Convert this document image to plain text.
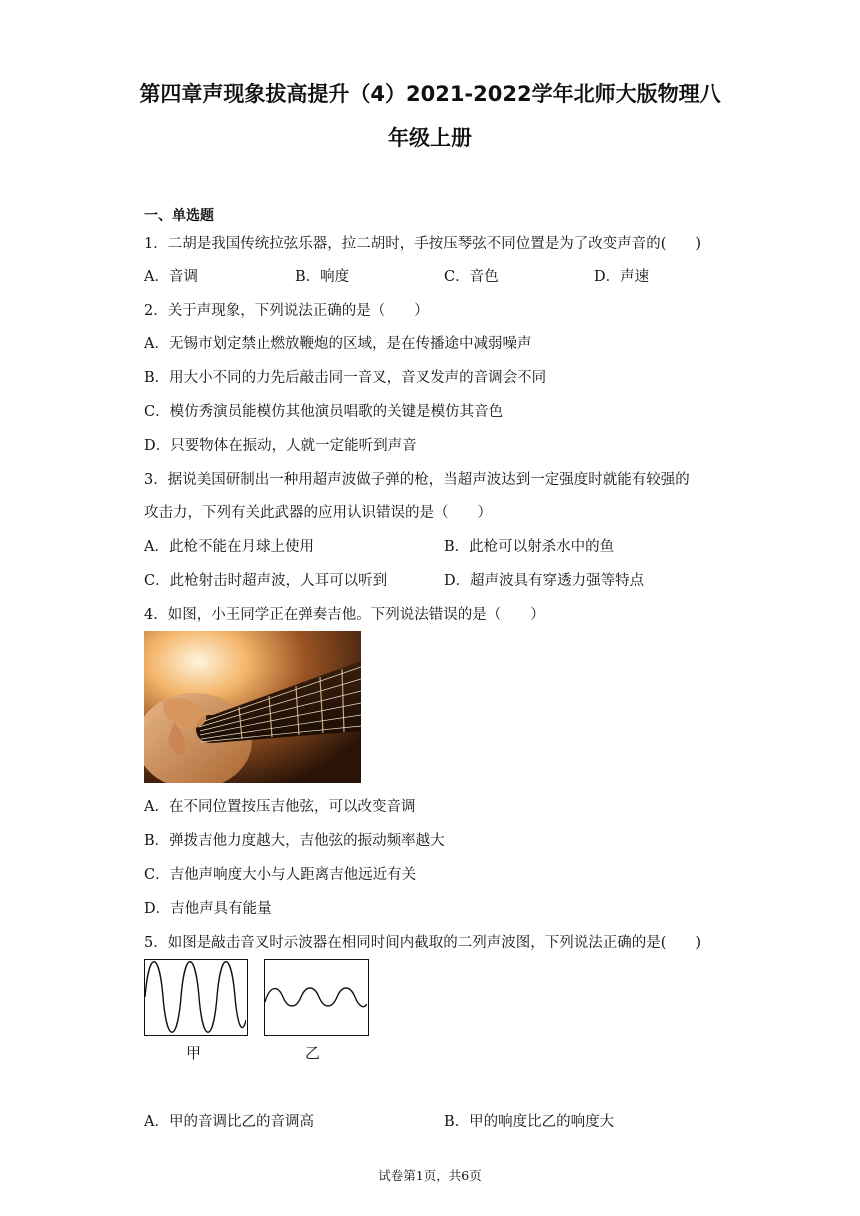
第四章声现象拔高提升（4）2021-2022学年北师大版物理八
年级上册
一、单选题
1．二胡是我国传统拉弦乐器，拉二胡时，手按压琴弦不同位置是为了改变声音的(　　)
A．音调	B．响度	C．音色	D．声速
2．关于声现象，下列说法正确的是（　　）
A．无锡市划定禁止燃放鞭炮的区域，是在传播途中减弱噪声
B．用大小不同的力先后敲击同一音叉，音叉发声的音调会不同
C．模仿秀演员能模仿其他演员唱歌的关键是模仿其音色
D．只要物体在振动，人就一定能听到声音
3．据说美国研制出一种用超声波做子弹的枪，当超声波达到一定强度时就能有较强的
攻击力，下列有关此武器的应用认识错误的是（　　）
A．此枪不能在月球上使用	B．此枪可以射杀水中的鱼
C．此枪射击时超声波，人耳可以听到	D．超声波具有穿透力强等特点
4．如图，小王同学正在弹奏吉他。下列说法错误的是（　　）
A．在不同位置按压吉他弦，可以改变音调
B．弹拨吉他力度越大，吉他弦的振动频率越大
C．吉他声响度大小与人距离吉他远近有关
D．吉他声具有能量
5．如图是敲击音叉时示波器在相同时间内截取的二列声波图，下列说法正确的是(　　)
甲	乙
A．甲的音调比乙的音调高	B．甲的响度比乙的响度大
试卷第1页，共6页
